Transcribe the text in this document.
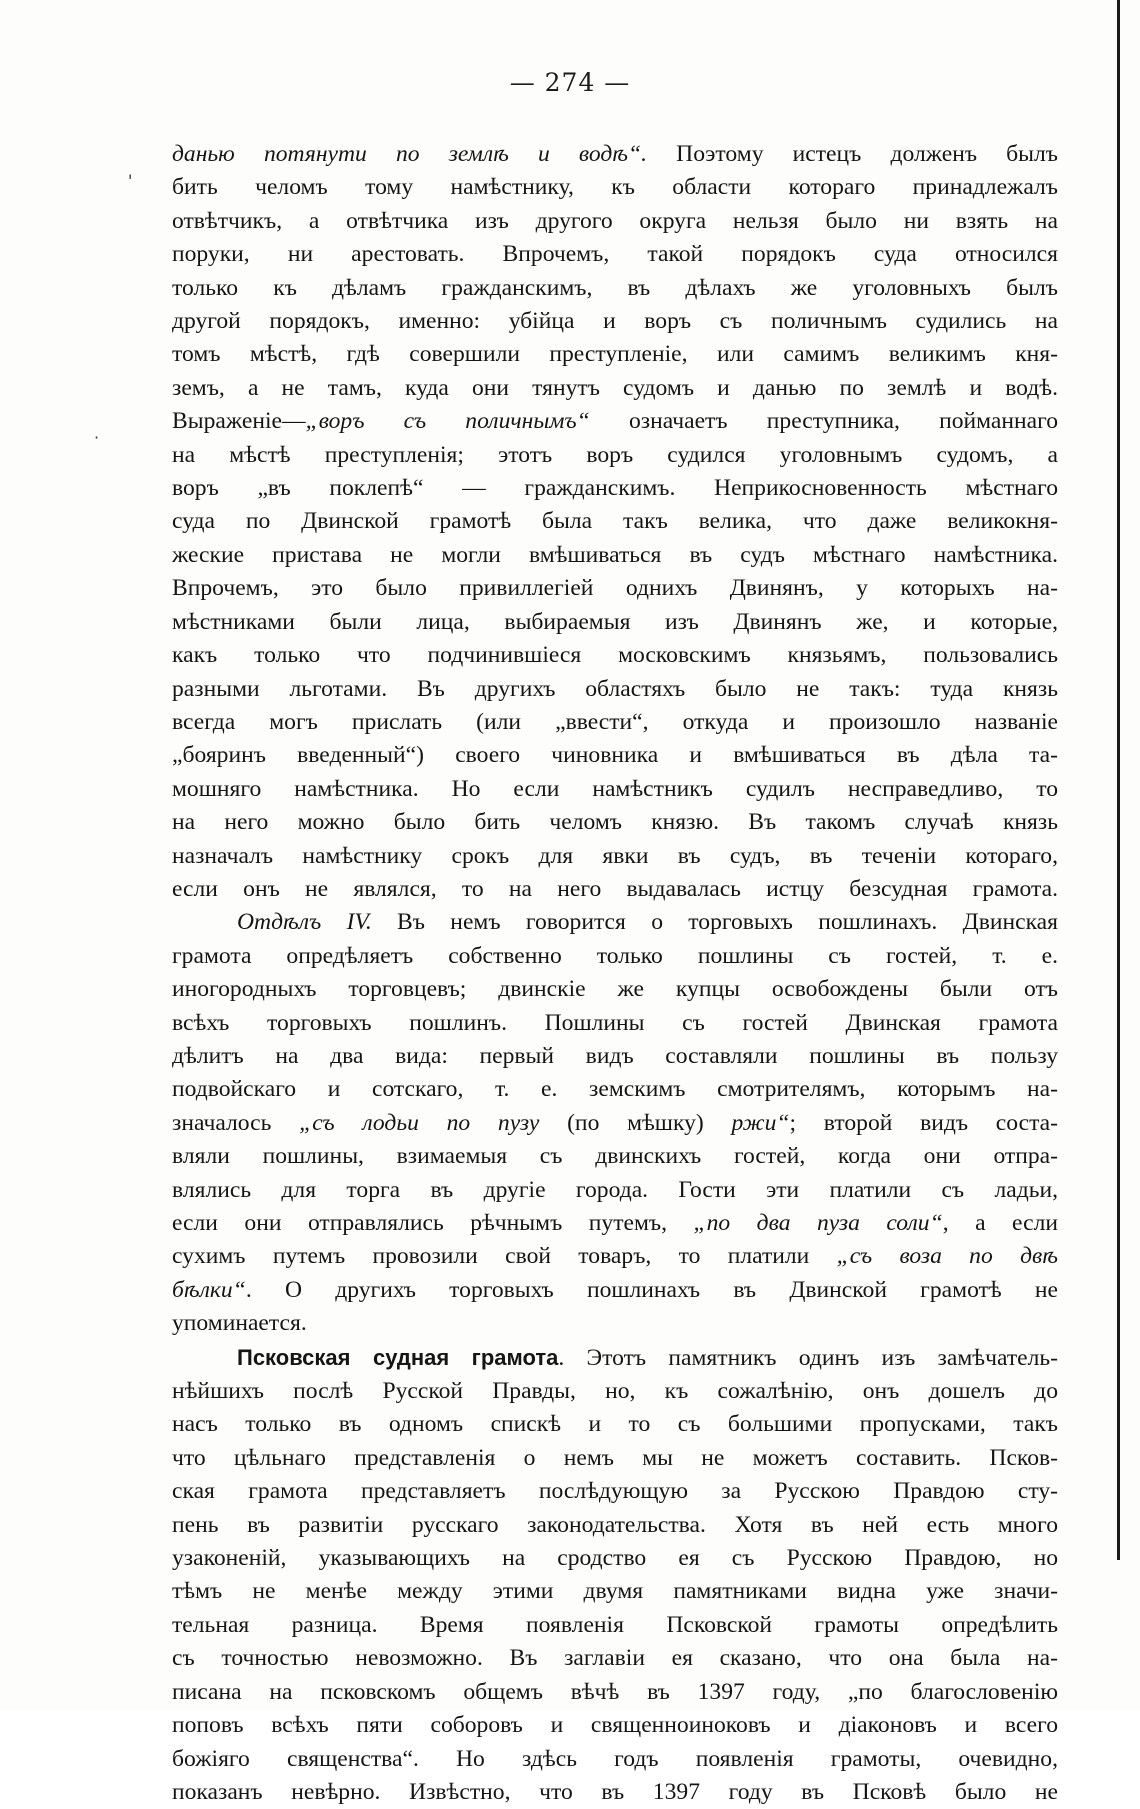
'
·
— 274 —
данью потянути по землѣ и водѣ“. Поэтому истецъ долженъ былъ
бить челомъ тому намѣстнику, къ области котораго принадлежалъ
отвѣтчикъ, а отвѣтчика изъ другого округа нельзя было ни взять на
поруки, ни арестовать. Впрочемъ, такой порядокъ суда относился
только къ дѣламъ гражданскимъ, въ дѣлахъ же уголовныхъ былъ
другой порядокъ, именно: убійца и воръ съ поличнымъ судились на
томъ мѣстѣ, гдѣ совершили преступленіе, или самимъ великимъ кня-
земъ, а не тамъ, куда они тянутъ судомъ и данью по землѣ и водѣ.
Выраженіе—„воръ съ поличнымъ“ означаетъ преступника, пойманнаго
на мѣстѣ преступленія; этотъ воръ судился уголовнымъ судомъ, а
воръ „въ поклепѣ“ — гражданскимъ. Неприкосновенность мѣстнаго
суда по Двинской грамотѣ была такъ велика, что даже великокня-
жеские пристава не могли вмѣшиваться въ судъ мѣстнаго намѣстника.
Впрочемъ, это было привиллегіей однихъ Двинянъ, у которыхъ на-
мѣстниками были лица, выбираемыя изъ Двинянъ же, и которые,
какъ только что подчинившіеся московскимъ князьямъ, пользовались
разными льготами. Въ другихъ областяхъ было не такъ: туда князь
всегда могъ прислать (или „ввести“, откуда и произошло названіе
„бояринъ введенный“) своего чиновника и вмѣшиваться въ дѣла та-
мошняго намѣстника. Но если намѣстникъ судилъ несправедливо, то
на него можно было бить челомъ князю. Въ такомъ случаѣ князь
назначалъ намѣстнику срокъ для явки въ судъ, въ теченіи котораго,
если онъ не являлся, то на него выдавалась истцу безсудная грамота.
Отдѣлъ IV. Въ немъ говорится о торговыхъ пошлинахъ. Двинская
грамота опредѣляетъ собственно только пошлины съ гостей, т. е.
иногородныхъ торговцевъ; двинскіе же купцы освобождены были отъ
всѣхъ торговыхъ пошлинъ. Пошлины съ гостей Двинская грамота
дѣлитъ на два вида: первый видъ составляли пошлины въ пользу
подвойскаго и сотскаго, т. е. земскимъ смотрителямъ, которымъ на-
значалось „съ лодьи по пузу (по мѣшку) ржи“; второй видъ соста-
вляли пошлины, взимаемыя съ двинскихъ гостей, когда они отпра-
влялись для торга въ другіе города. Гости эти платили съ ладьи,
если они отправлялись рѣчнымъ путемъ, „по два пуза соли“, а если
сухимъ путемъ провозили свой товаръ, то платили „съ воза по двѣ
бѣлки“. О другихъ торговыхъ пошлинахъ въ Двинской грамотѣ не
упоминается.
Псковская судная грамота. Этотъ памятникъ одинъ изъ замѣчатель-
нѣйшихъ послѣ Русской Правды, но, къ сожалѣнію, онъ дошелъ до
насъ только въ одномъ спискѣ и то съ большими пропусками, такъ
что цѣльнаго представленія о немъ мы не можетъ составить. Псков-
ская грамота представляетъ послѣдующую за Русскою Правдою сту-
пень въ развитіи русскаго законодательства. Хотя въ ней есть много
узаконеній, указывающихъ на сродство ея съ Русскою Правдою, но
тѣмъ не менѣе между этими двумя памятниками видна уже значи-
тельная разница. Время появленія Псковской грамоты опредѣлить
съ точностью невозможно. Въ заглавіи ея сказано, что она была на-
писана на псковскомъ общемъ вѣчѣ въ 1397 году, „по благословенію
поповъ всѣхъ пяти соборовъ и священноиноковъ и діаконовъ и всего
божіяго священства“. Но здѣсь годъ появленія грамоты, очевидно,
показанъ невѣрно. Извѣстно, что въ 1397 году въ Псковѣ было не
